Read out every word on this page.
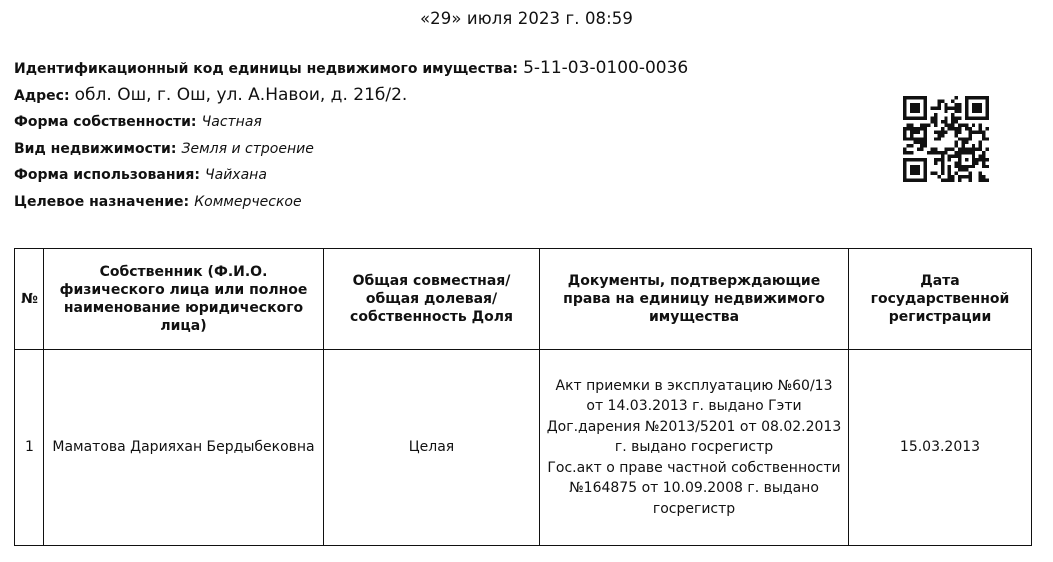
«29» июля 2023 г. 08:59
Идентификационный код единицы недвижимого имущества: 5-11-03-0100-0036
Адрес: обл. Ош, г. Ош, ул. А.Навои, д. 21б/2.
Форма собственности: Частная
Вид недвижимости: Земля и строение
Форма использования: Чайхана
Целевое назначение: Коммерческое
№	Собственник (Ф.И.О. физического лица или полное наименование юридического лица)	Общая совместная/ общая долевая/ собственность Доля	Документы, подтверждающие права на единицу недвижимого имущества	Дата государственной регистрации
1	Маматова Дарияхан Бердыбековна	Целая	Акт приемки в эксплуатацию №60/13 от 14.03.2013 г. выдано Гэти
Дог.дарения №2013/5201 от 08.02.2013 г. выдано госрегистр
Гос.акт о праве частной собственности №164875 от 10.09.2008 г. выдано госрегистр	15.03.2013
